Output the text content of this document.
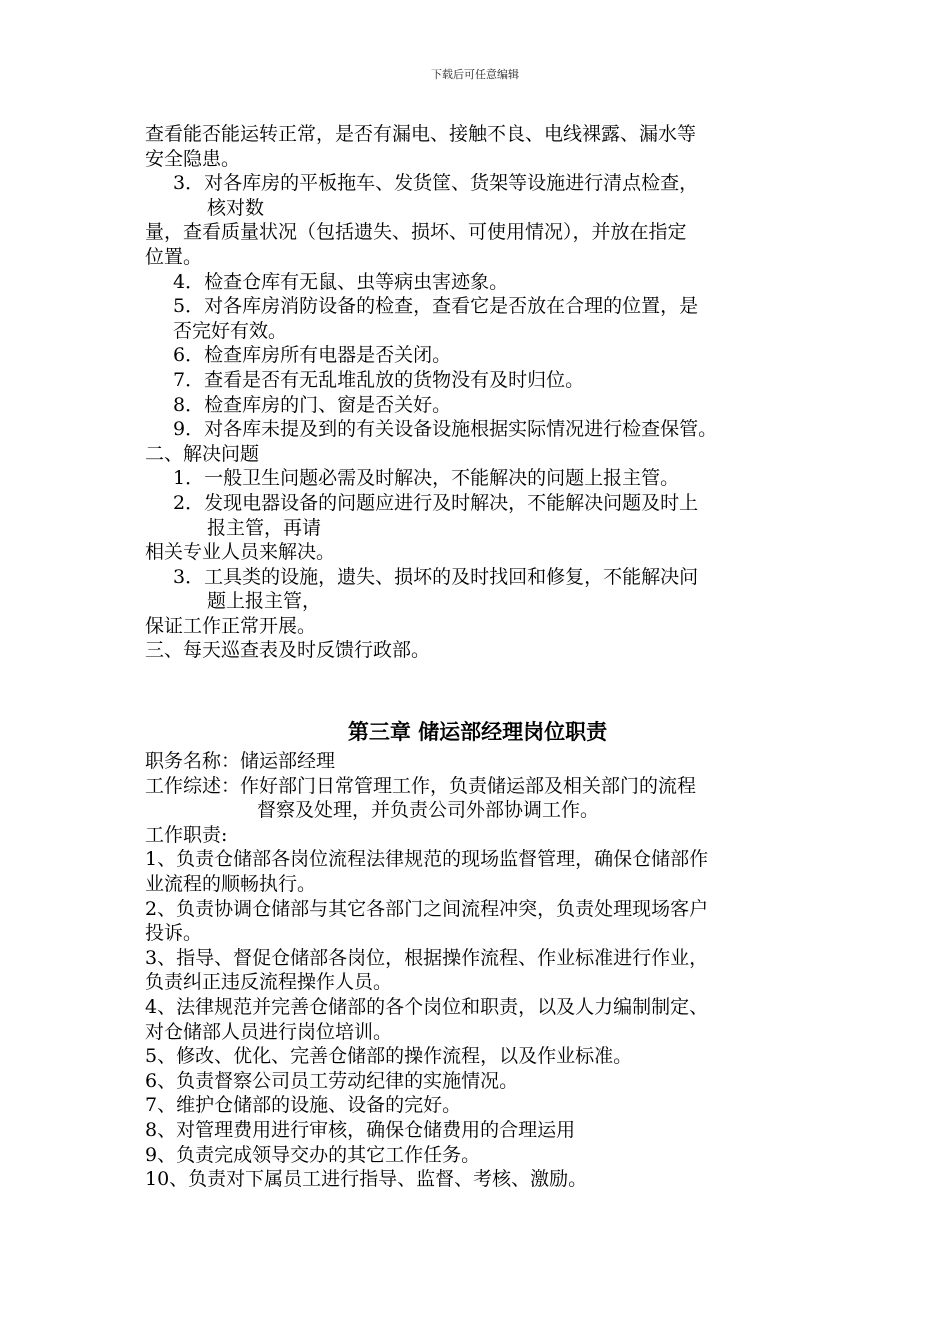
下载后可任意编辑

查看能否能运转正常，是否有漏电、接触不良、电线裸露、漏水等

安全隐患。

3．对各库房的平板拖车、发货筐、货架等设施进行清点检查，

核对数

量，查看质量状况（包括遗失、损坏、可使用情况），并放在指定

位置。

4．检查仓库有无鼠、虫等病虫害迹象。

5．对各库房消防设备的检查，查看它是否放在合理的位置，是

否完好有效。

6．检查库房所有电器是否关闭。

7．查看是否有无乱堆乱放的货物没有及时归位。

8．检查库房的门、窗是否关好。

9．对各库未提及到的有关设备设施根据实际情况进行检查保管。

二、解决问题

1．一般卫生问题必需及时解决，不能解决的问题上报主管。

2．发现电器设备的问题应进行及时解决，不能解决问题及时上

报主管，再请

相关专业人员来解决。

3．工具类的设施，遗失、损坏的及时找回和修复，不能解决问

题上报主管，

保证工作正常开展。

三、每天巡查表及时反馈行政部。

第三章 储运部经理岗位职责

职务名称：储运部经理

工作综述：作好部门日常管理工作，负责储运部及相关部门的流程

督察及处理，并负责公司外部协调工作。

工作职责:

1、负责仓储部各岗位流程法律规范的现场监督管理，确保仓储部作

业流程的顺畅执行。

2、负责协调仓储部与其它各部门之间流程冲突，负责处理现场客户

投诉。

3、指导、督促仓储部各岗位，根据操作流程、作业标准进行作业，

负责纠正违反流程操作人员。

4、法律规范并完善仓储部的各个岗位和职责，以及人力编制制定、

对仓储部人员进行岗位培训。

5、修改、优化、完善仓储部的操作流程，以及作业标准。

6、负责督察公司员工劳动纪律的实施情况。

7、维护仓储部的设施、设备的完好。

8、对管理费用进行审核，确保仓储费用的合理运用

9、负责完成领导交办的其它工作任务。

10、负责对下属员工进行指导、监督、考核、激励。
